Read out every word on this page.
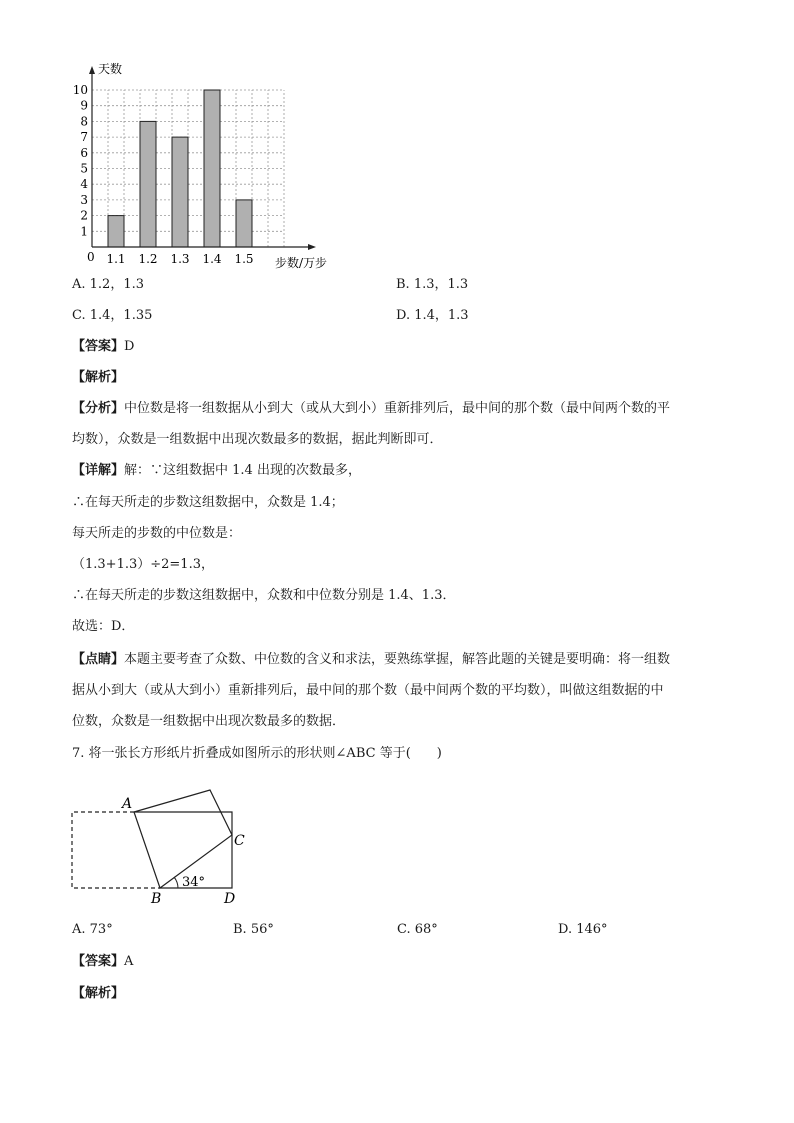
1
2
3
4
5
6
7
8
9
10
1.1 1.2 1.3 1.4 1.5
天数
步数/万步
0
A. 1.2，1.3	B. 1.3，1.3
C. 1.4，1.35	D. 1.4，1.3
【答案】D
【解析】
【分析】中位数是将一组数据从小到大（或从大到小）重新排列后，最中间的那个数（最中间两个数的平
均数），众数是一组数据中出现次数最多的数据，据此判断即可．
【详解】解：∵这组数据中 1.4 出现的次数最多，
∴在每天所走的步数这组数据中，众数是 1.4；
每天所走的步数的中位数是：
（1.3+1.3）÷2=1.3，
∴在每天所走的步数这组数据中，众数和中位数分别是 1.4、1.3．
故选：D．
【点睛】本题主要考查了众数、中位数的含义和求法，要熟练掌握，解答此题的关键是要明确：将一组数
据从小到大（或从大到小）重新排列后，最中间的那个数（最中间两个数的平均数），叫做这组数据的中
位数，众数是一组数据中出现次数最多的数据．
7. 将一张长方形纸片折叠成如图所示的形状则∠ABC 等于(　　)
34°
A
B
C
D
A. 73°	B. 56°	C. 68°	D. 146°
【答案】A
【解析】
